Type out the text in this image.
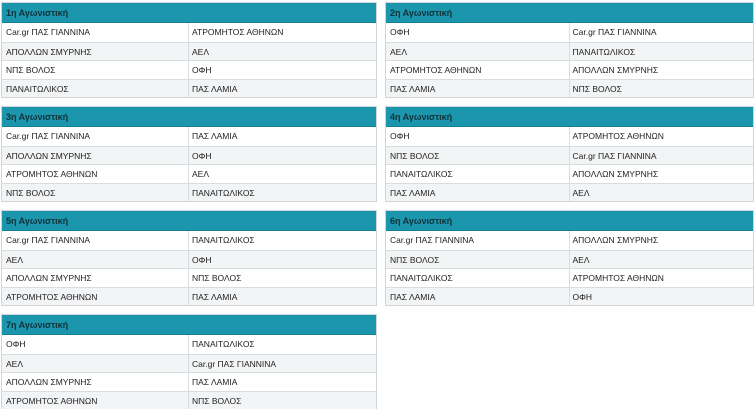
1η Αγωνιστική
Car.gr ΠΑΣ ΓΙΑΝΝΙΝΑ	ΑΤΡΟΜΗΤΟΣ ΑΘΗΝΩΝ
ΑΠΟΛΛΩΝ ΣΜΥΡΝΗΣ	ΑΕΛ
ΝΠΣ ΒΟΛΟΣ	ΟΦΗ
ΠΑΝΑΙΤΩΛΙΚΟΣ	ΠΑΣ ΛΑΜΙΑ
2η Αγωνιστική
ΟΦΗ	Car.gr ΠΑΣ ΓΙΑΝΝΙΝΑ
ΑΕΛ	ΠΑΝΑΙΤΩΛΙΚΟΣ
ΑΤΡΟΜΗΤΟΣ ΑΘΗΝΩΝ	ΑΠΟΛΛΩΝ ΣΜΥΡΝΗΣ
ΠΑΣ ΛΑΜΙΑ	ΝΠΣ ΒΟΛΟΣ
3η Αγωνιστική
Car.gr ΠΑΣ ΓΙΑΝΝΙΝΑ	ΠΑΣ ΛΑΜΙΑ
ΑΠΟΛΛΩΝ ΣΜΥΡΝΗΣ	ΟΦΗ
ΑΤΡΟΜΗΤΟΣ ΑΘΗΝΩΝ	ΑΕΛ
ΝΠΣ ΒΟΛΟΣ	ΠΑΝΑΙΤΩΛΙΚΟΣ
4η Αγωνιστική
ΟΦΗ	ΑΤΡΟΜΗΤΟΣ ΑΘΗΝΩΝ
ΝΠΣ ΒΟΛΟΣ	Car.gr ΠΑΣ ΓΙΑΝΝΙΝΑ
ΠΑΝΑΙΤΩΛΙΚΟΣ	ΑΠΟΛΛΩΝ ΣΜΥΡΝΗΣ
ΠΑΣ ΛΑΜΙΑ	ΑΕΛ
5η Αγωνιστική
Car.gr ΠΑΣ ΓΙΑΝΝΙΝΑ	ΠΑΝΑΙΤΩΛΙΚΟΣ
ΑΕΛ	ΟΦΗ
ΑΠΟΛΛΩΝ ΣΜΥΡΝΗΣ	ΝΠΣ ΒΟΛΟΣ
ΑΤΡΟΜΗΤΟΣ ΑΘΗΝΩΝ	ΠΑΣ ΛΑΜΙΑ
6η Αγωνιστική
Car.gr ΠΑΣ ΓΙΑΝΝΙΝΑ	ΑΠΟΛΛΩΝ ΣΜΥΡΝΗΣ
ΝΠΣ ΒΟΛΟΣ	ΑΕΛ
ΠΑΝΑΙΤΩΛΙΚΟΣ	ΑΤΡΟΜΗΤΟΣ ΑΘΗΝΩΝ
ΠΑΣ ΛΑΜΙΑ	ΟΦΗ
7η Αγωνιστική
ΟΦΗ	ΠΑΝΑΙΤΩΛΙΚΟΣ
ΑΕΛ	Car.gr ΠΑΣ ΓΙΑΝΝΙΝΑ
ΑΠΟΛΛΩΝ ΣΜΥΡΝΗΣ	ΠΑΣ ΛΑΜΙΑ
ΑΤΡΟΜΗΤΟΣ ΑΘΗΝΩΝ	ΝΠΣ ΒΟΛΟΣ
